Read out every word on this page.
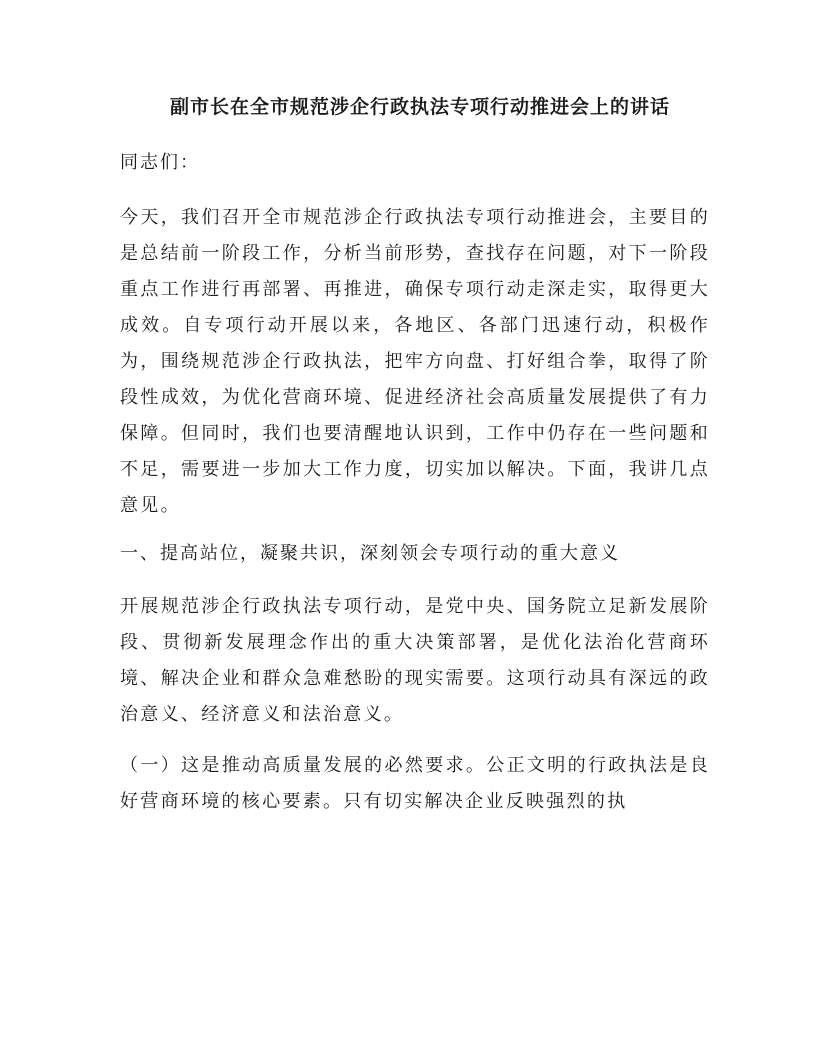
副市长在全市规范涉企行政执法专项行动推进会上的讲话
同志们：
今天，我们召开全市规范涉企行政执法专项行动推进会，主要目的是总结前一阶段工作，分析当前形势，查找存在问题，对下一阶段重点工作进行再部署、再推进，确保专项行动走深走实，取得更大成效。自专项行动开展以来，各地区、各部门迅速行动，积极作为，围绕规范涉企行政执法，把牢方向盘、打好组合拳，取得了阶段性成效，为优化营商环境、促进经济社会高质量发展提供了有力保障。但同时，我们也要清醒地认识到，工作中仍存在一些问题和不足，需要进一步加大工作力度，切实加以解决。下面，我讲几点意见。
一、提高站位，凝聚共识，深刻领会专项行动的重大意义
开展规范涉企行政执法专项行动，是党中央、国务院立足新发展阶段、贯彻新发展理念作出的重大决策部署，是优化法治化营商环境、解决企业和群众急难愁盼的现实需要。这项行动具有深远的政治意义、经济意义和法治意义。
（一）这是推动高质量发展的必然要求。公正文明的行政执法是良好营商环境的核心要素。只有切实解决企业反映强烈的执
